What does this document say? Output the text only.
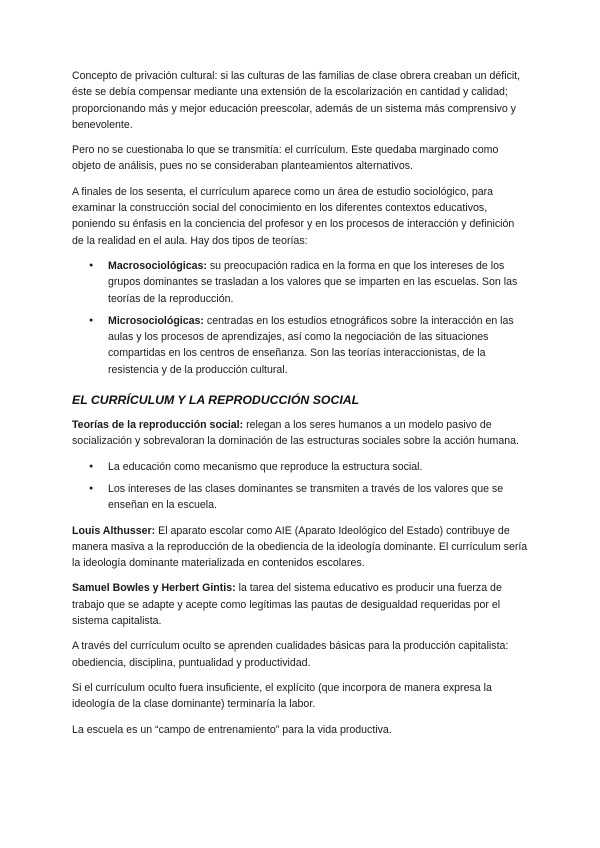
Concepto de privación cultural: si las culturas de las familias de clase obrera creaban un déficit, éste se debía compensar mediante una extensión de la escolarización en cantidad y calidad; proporcionando más y mejor educación preescolar, además de un sistema más comprensivo y benevolente.

Pero no se cuestionaba lo que se transmitía: el currículum. Este quedaba marginado como objeto de análisis, pues no se consideraban planteamientos alternativos.

A finales de los sesenta, el currículum aparece como un área de estudio sociológico, para examinar la construcción social del conocimiento en los diferentes contextos educativos, poniendo su énfasis en la conciencia del profesor y en los procesos de interacción y definición de la realidad en el aula. Hay dos tipos de teorías:

● Macrosociológicas: su preocupación radica en la forma en que los intereses de los grupos dominantes se trasladan a los valores que se imparten en las escuelas. Son las teorías de la reproducción.
● Microsociológicas: centradas en los estudios etnográficos sobre la interacción en las aulas y los procesos de aprendizajes, así como la negociación de las situaciones compartidas en los centros de enseñanza. Son las teorías interaccionistas, de la resistencia y de la producción cultural.
EL CURRÍCULUM Y LA REPRODUCCIÓN SOCIAL

Teorías de la reproducción social: relegan a los seres humanos a un modelo pasivo de socialización y sobrevaloran la dominación de las estructuras sociales sobre la acción humana.

● La educación como mecanismo que reproduce la estructura social.
● Los intereses de las clases dominantes se transmiten a través de los valores que se enseñan en la escuela.

Louis Althusser: El aparato escolar como AIE (Aparato Ideológico del Estado) contribuye de manera masiva a la reproducción de la obediencia de la ideología dominante. El currículum sería la ideología dominante materializada en contenidos escolares.

Samuel Bowles y Herbert Gintis: la tarea del sistema educativo es producir una fuerza de trabajo que se adapte y acepte como legítimas las pautas de desigualdad requeridas por el sistema capitalista.

A través del currículum oculto se aprenden cualidades básicas para la producción capitalista: obediencia, disciplina, puntualidad y productividad.

Si el currículum oculto fuera insuficiente, el explícito (que incorpora de manera expresa la ideología de la clase dominante) terminaría la labor.

La escuela es un “campo de entrenamiento” para la vida productiva.
